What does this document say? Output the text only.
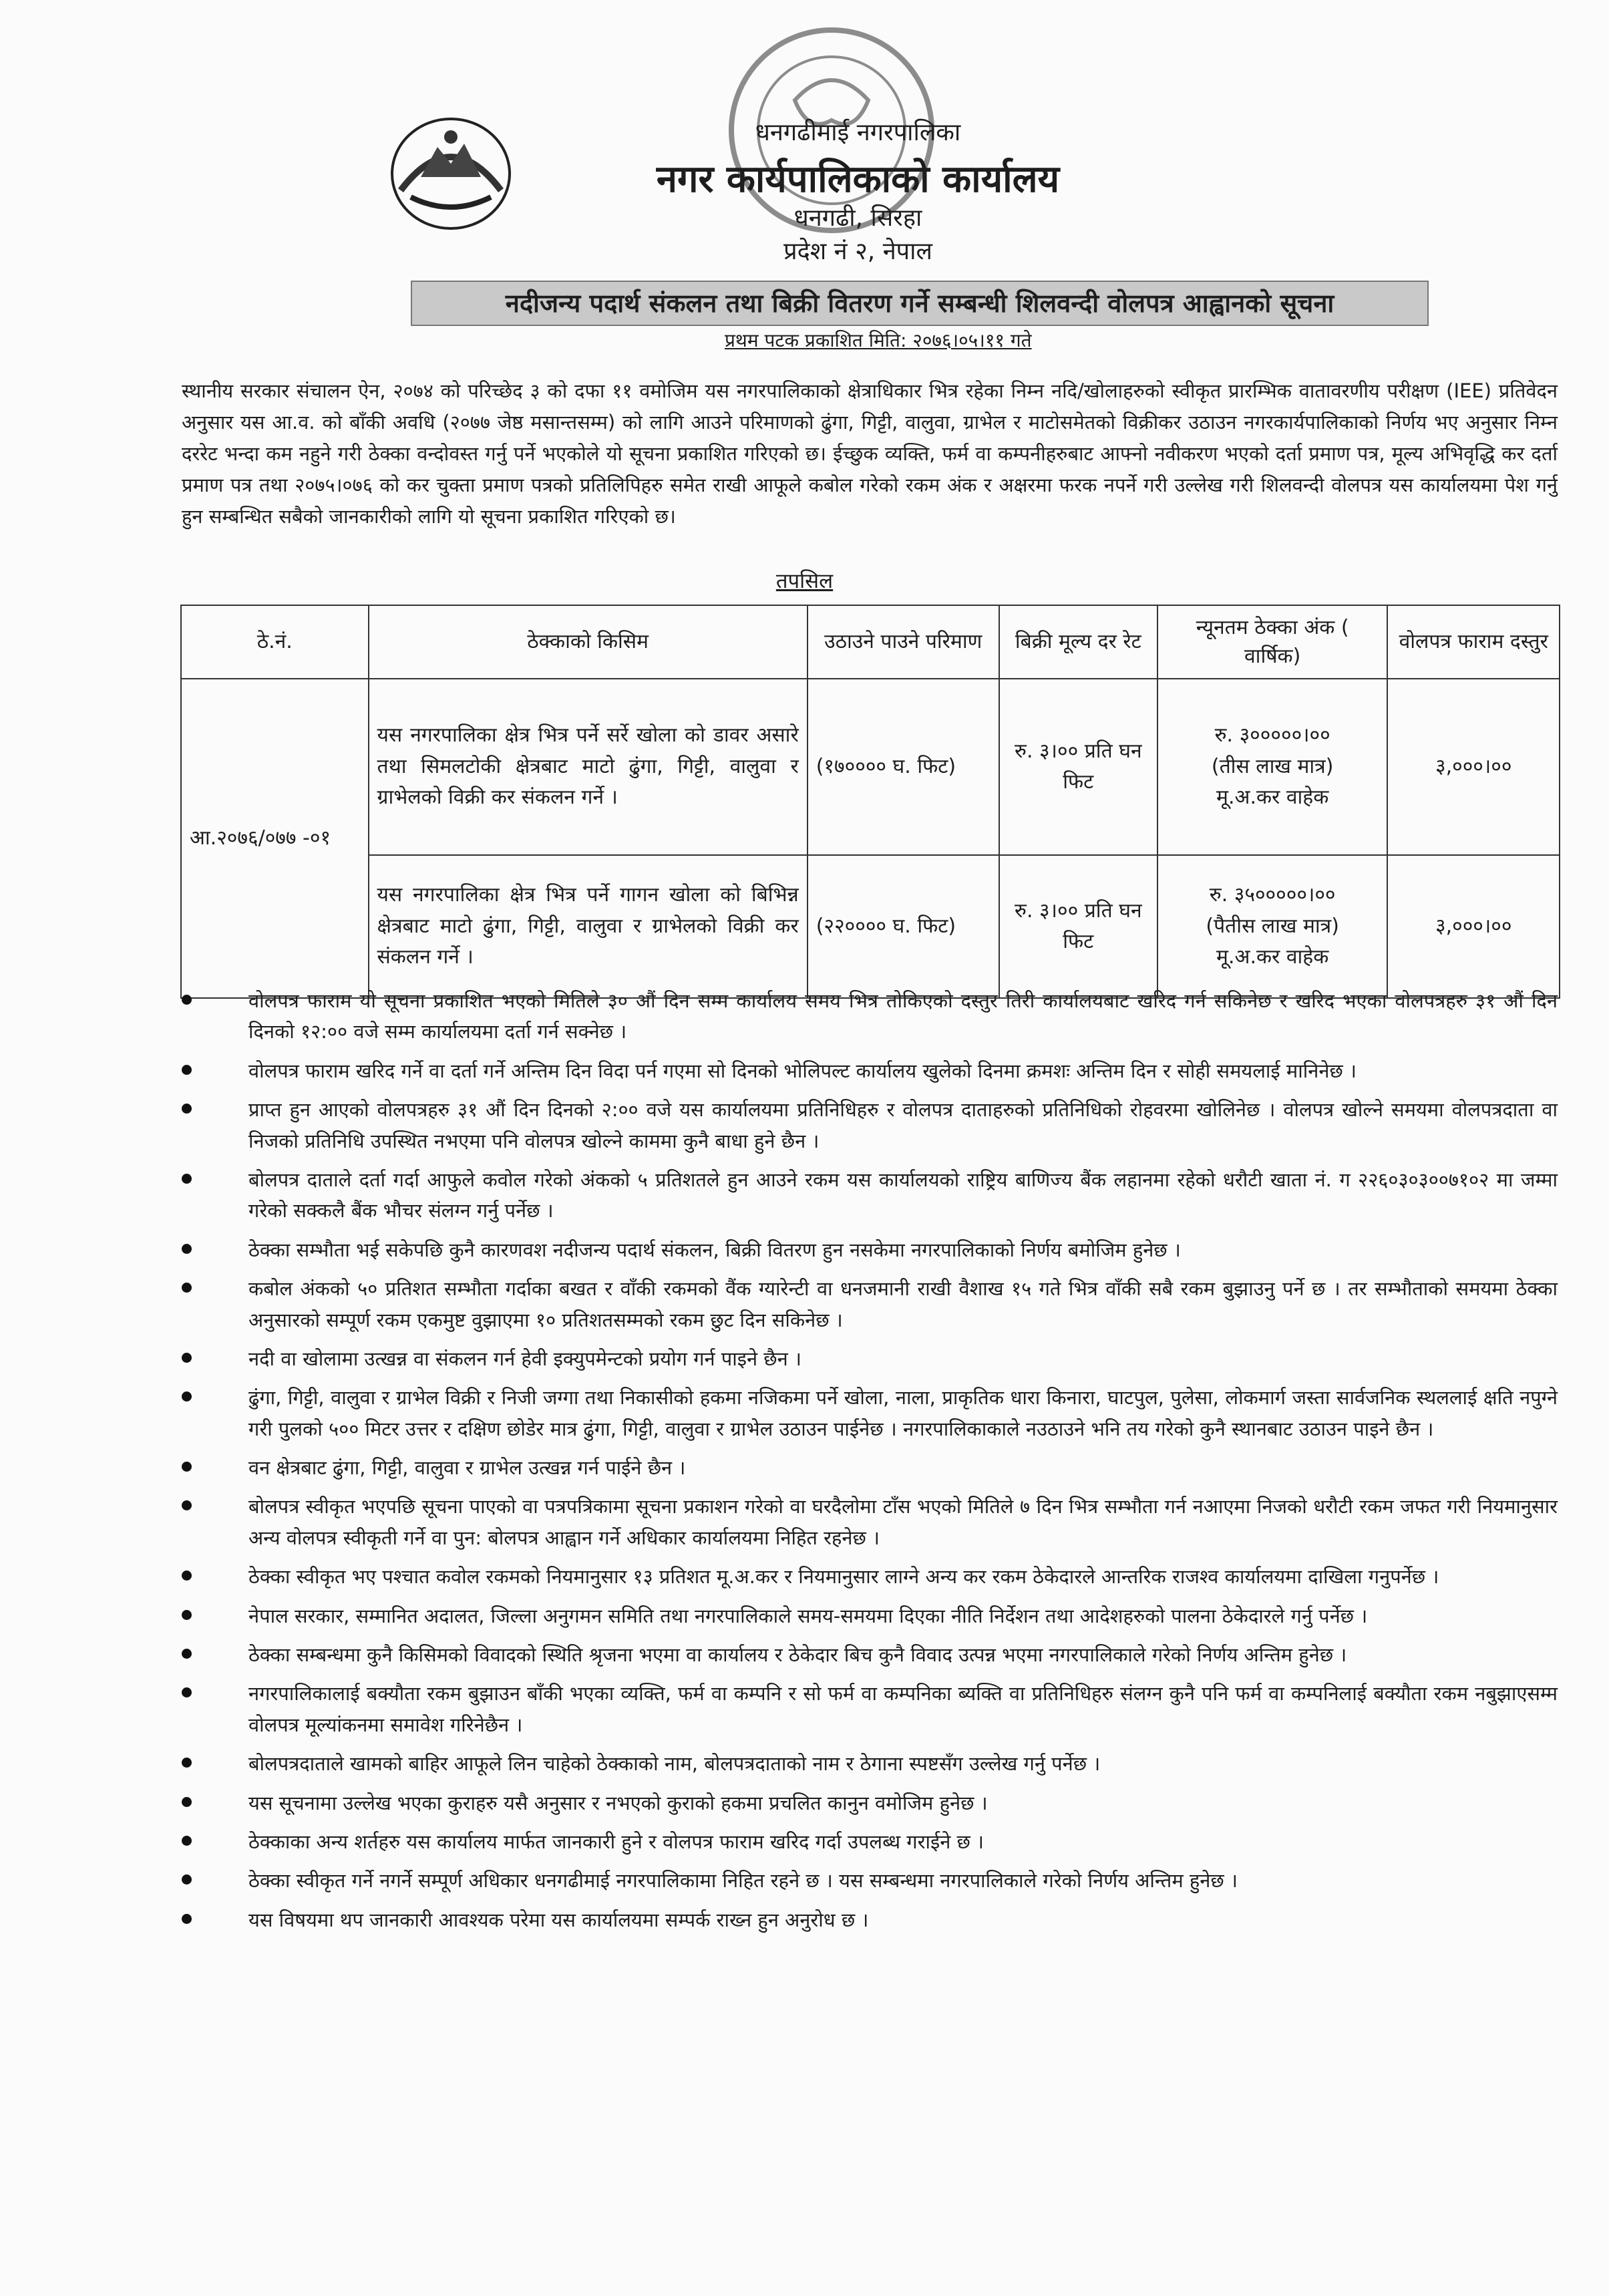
धनगढीमाई नगरपालिका
नगर कार्यपालिकाको कार्यालय
धनगढी, सिरहा
प्रदेश नं २, नेपाल
नदीजन्य पदार्थ संकलन तथा बिक्री वितरण गर्ने सम्बन्धी शिलवन्दी वोलपत्र आह्वानको सूचना
प्रथम पटक प्रकाशित मिति: २०७६।०५।११ गते
स्थानीय सरकार संचालन ऐन, २०७४ को परिच्छेद ३ को दफा ११ वमोजिम यस नगरपालिकाको क्षेत्राधिकार भित्र रहेका निम्न नदि/खोलाहरुको स्वीकृत प्रारम्भिक वातावरणीय परीक्षण (IEE) प्रतिवेदन अनुसार यस आ.व. को बाँकी अवधि (२०७७ जेष्ठ मसान्तसम्म) को लागि आउने परिमाणको ढुंगा, गिट्टी, वालुवा, ग्राभेल र माटोसमेतको विक्रीकर उठाउन नगरकार्यपालिकाको निर्णय भए अनुसार निम्न दररेट भन्दा कम नहुने गरी ठेक्का वन्दोवस्त गर्नु पर्ने भएकोले यो सूचना प्रकाशित गरिएको छ। ईच्छुक व्यक्ति, फर्म वा कम्पनीहरुबाट आफ्नो नवीकरण भएको दर्ता प्रमाण पत्र, मूल्य अभिवृद्धि कर दर्ता प्रमाण पत्र तथा २०७५।०७६ को कर चुक्ता प्रमाण पत्रको प्रतिलिपिहरु समेत राखी आफूले कबोल गरेको रकम अंक र अक्षरमा फरक नपर्ने गरी उल्लेख गरी शिलवन्दी वोलपत्र यस कार्यालयमा पेश गर्नु हुन सम्बन्धित सबैको जानकारीको लागि यो सूचना प्रकाशित गरिएको छ।
तपसिल
ठे.नं.	ठेक्काको किसिम	उठाउने पाउने परिमाण	बिक्री मूल्य दर रेट	न्यूनतम ठेक्का अंक ( वार्षिक)	वोलपत्र फाराम दस्तुर
आ.२०७६/०७७ -०१	यस नगरपालिका क्षेत्र भित्र पर्ने सर्रे खोला को डावर असारे तथा सिमलटोकी क्षेत्रबाट माटो ढुंगा, गिट्टी, वालुवा र ग्राभेलको विक्री कर संकलन गर्ने ।	(१७०००० घ. फिट)	रु. ३।०० प्रति घन फिट	रु. ३०००००।००
(तीस लाख मात्र)
मू.अ.कर वाहेक	३,०००।००
	यस नगरपालिका क्षेत्र भित्र पर्ने गागन खोला को बिभिन्न क्षेत्रबाट माटो ढुंगा, गिट्टी, वालुवा र ग्राभेलको विक्री कर संकलन गर्ने ।	(२२०००० घ. फिट)	रु. ३।०० प्रति घन फिट	रु. ३५०००००।००
(पैतीस लाख मात्र)
मू.अ.कर वाहेक	३,०००।००
वोलपत्र फाराम यो सूचना प्रकाशित भएको मितिले ३० औं दिन सम्म कार्यालय समय भित्र तोकिएको दस्तुर तिरी कार्यालयबाट खरिद गर्न सकिनेछ र खरिद भएका वोलपत्रहरु ३१ औं दिन दिनको १२:०० वजे सम्म कार्यालयमा दर्ता गर्न सक्नेछ ।
वोलपत्र फाराम खरिद गर्ने वा दर्ता गर्ने अन्तिम दिन विदा पर्न गएमा सो दिनको भोलिपल्ट कार्यालय खुलेको दिनमा क्रमशः अन्तिम दिन र सोही समयलाई मानिनेछ ।
प्राप्त हुन आएको वोलपत्रहरु ३१ औं दिन दिनको २:०० वजे यस कार्यालयमा प्रतिनिधिहरु र वोलपत्र दाताहरुको प्रतिनिधिको रोहवरमा खोलिनेछ । वोलपत्र खोल्ने समयमा वोलपत्रदाता वा निजको प्रतिनिधि उपस्थित नभएमा पनि वोलपत्र खोल्ने काममा कुनै बाधा हुने छैन ।
बोलपत्र दाताले दर्ता गर्दा आफुले कवोल गरेको अंकको ५ प्रतिशतले हुन आउने रकम यस कार्यालयको राष्ट्रिय बाणिज्य बैंक लहानमा रहेको धरौटी खाता नं. ग २२६०३०३००७१०२ मा जम्मा गरेको सक्कलै बैंक भौचर संलग्न गर्नु पर्नेछ ।
ठेक्का सम्भौता भई सकेपछि कुनै कारणवश नदीजन्य पदार्थ संकलन, बिक्री वितरण हुन नसकेमा नगरपालिकाको निर्णय बमोजिम हुनेछ ।
कबोल अंकको ५० प्रतिशत सम्भौता गर्दाका बखत र वाँकी रकमको वैंक ग्यारेन्टी वा धनजमानी राखी वैशाख १५ गते भित्र वाँकी सबै रकम बुझाउनु पर्ने छ । तर सम्भौताको समयमा ठेक्का अनुसारको सम्पूर्ण रकम एकमुष्ट वुझाएमा १० प्रतिशतसम्मको रकम छुट दिन सकिनेछ ।
नदी वा खोलामा उत्खन्न वा संकलन गर्न हेवी इक्युपमेन्टको प्रयोग गर्न पाइने छैन ।
ढुंगा, गिट्टी, वालुवा र ग्राभेल विक्री र निजी जग्गा तथा निकासीको हकमा नजिकमा पर्ने खोला, नाला, प्राकृतिक धारा किनारा, घाटपुल, पुलेसा, लोकमार्ग जस्ता सार्वजनिक स्थललाई क्षति नपुग्ने गरी पुलको ५०० मिटर उत्तर र दक्षिण छोडेर मात्र ढुंगा, गिट्टी, वालुवा र ग्राभेल उठाउन पाईनेछ । नगरपालिकाकाले नउठाउने भनि तय गरेको कुनै स्थानबाट उठाउन पाइने छैन ।
वन क्षेत्रबाट ढुंगा, गिट्टी, वालुवा र ग्राभेल उत्खन्न गर्न पाईने छैन ।
बोलपत्र स्वीकृत भएपछि सूचना पाएको वा पत्रपत्रिकामा सूचना प्रकाशन गरेको वा घरदैलोमा टाँस भएको मितिले ७ दिन भित्र सम्भौता गर्न नआएमा निजको धरौटी रकम जफत गरी नियमानुसार अन्य वोलपत्र स्वीकृती गर्ने वा पुन: बोलपत्र आह्वान गर्ने अधिकार कार्यालयमा निहित रहनेछ ।
ठेक्का स्वीकृत भए पश्चात कवोल रकमको नियमानुसार १३ प्रतिशत मू.अ.कर र नियमानुसार लाग्ने अन्य कर रकम ठेकेदारले आन्तरिक राजश्व कार्यालयमा दाखिला गनुपर्नेछ ।
नेपाल सरकार, सम्मानित अदालत, जिल्ला अनुगमन समिति तथा नगरपालिकाले समय-समयमा दिएका नीति निर्देशन तथा आदेशहरुको पालना ठेकेदारले गर्नु पर्नेछ ।
ठेक्का सम्बन्धमा कुनै किसिमको विवादको स्थिति श्रृजना भएमा वा कार्यालय र ठेकेदार बिच कुनै विवाद उत्पन्न भएमा नगरपालिकाले गरेको निर्णय अन्तिम हुनेछ ।
नगरपालिकालाई बक्यौता रकम बुझाउन बाँकी भएका व्यक्ति, फर्म वा कम्पनि र सो फर्म वा कम्पनिका ब्यक्ति वा प्रतिनिधिहरु संलग्न कुनै पनि फर्म वा कम्पनिलाई बक्यौता रकम नबुझाएसम्म वोलपत्र मूल्यांकनमा समावेश गरिनेछैन ।
बोलपत्रदाताले खामको बाहिर आफूले लिन चाहेको ठेक्काको नाम, बोलपत्रदाताको नाम र ठेगाना स्पष्टसँग उल्लेख गर्नु पर्नेछ ।
यस सूचनामा उल्लेख भएका कुराहरु यसै अनुसार र नभएको कुराको हकमा प्रचलित कानुन वमोजिम हुनेछ ।
ठेक्काका अन्य शर्तहरु यस कार्यालय मार्फत जानकारी हुने र वोलपत्र फाराम खरिद गर्दा उपलब्ध गराईने छ ।
ठेक्का स्वीकृत गर्ने नगर्ने सम्पूर्ण अधिकार धनगढीमाई नगरपालिकामा निहित रहने छ । यस सम्बन्धमा नगरपालिकाले गरेको निर्णय अन्तिम हुनेछ ।
यस विषयमा थप जानकारी आवश्यक परेमा यस कार्यालयमा सम्पर्क राख्न हुन अनुरोध छ ।
